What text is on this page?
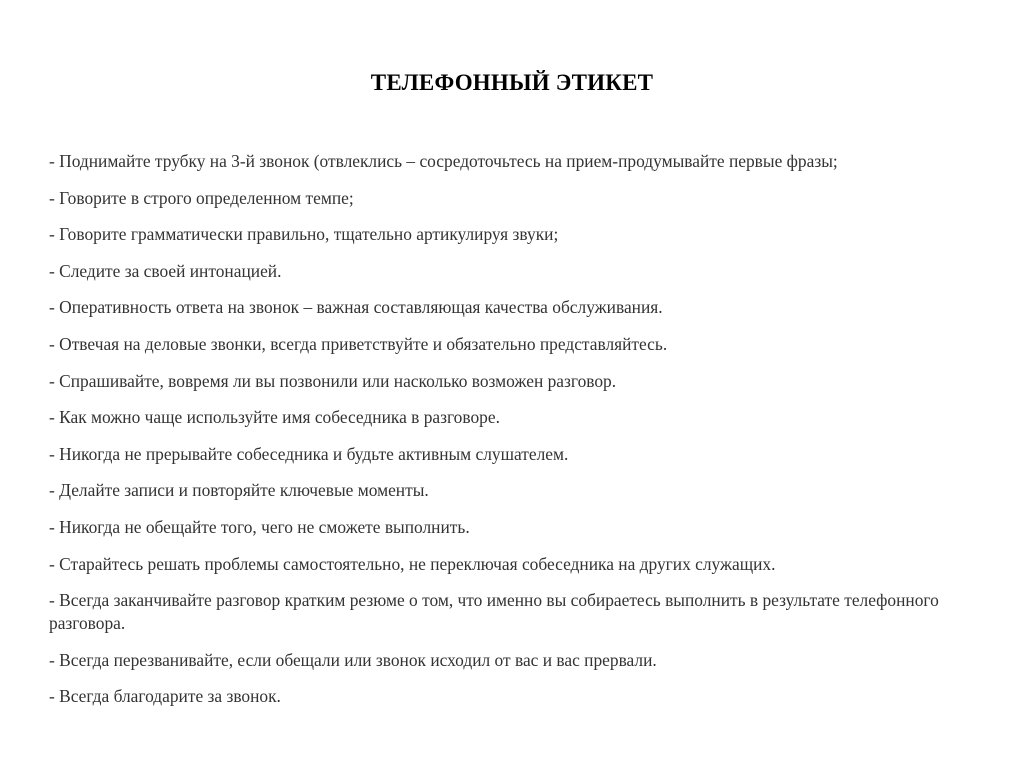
ТЕЛЕФОННЫЙ ЭТИКЕТ
- Поднимайте трубку на 3-й звонок (отвлеклись – сосредоточьтесь на прием-продумывайте первые фразы;
- Говорите в строго определенном темпе;
- Говорите грамматически правильно, тщательно артикулируя звуки;
- Следите за своей интонацией.
- Оперативность ответа на звонок – важная составляющая качества обслуживания.
- Отвечая на деловые звонки, всегда приветствуйте и обязательно представляйтесь.
- Спрашивайте, вовремя ли вы позвонили или насколько возможен разговор.
- Как можно чаще используйте имя собеседника в разговоре.
- Никогда не прерывайте собеседника и будьте активным слушателем.
- Делайте записи и повторяйте ключевые моменты.
- Никогда не обещайте того, чего не сможете выполнить.
- Старайтесь решать проблемы самостоятельно, не переключая собеседника на других служащих.
- Всегда заканчивайте разговор кратким резюме о том, что именно вы собираетесь выполнить в результате телефонного разговора.
- Всегда перезванивайте, если обещали или звонок исходил от вас и вас прервали.
- Всегда благодарите за звонок.
